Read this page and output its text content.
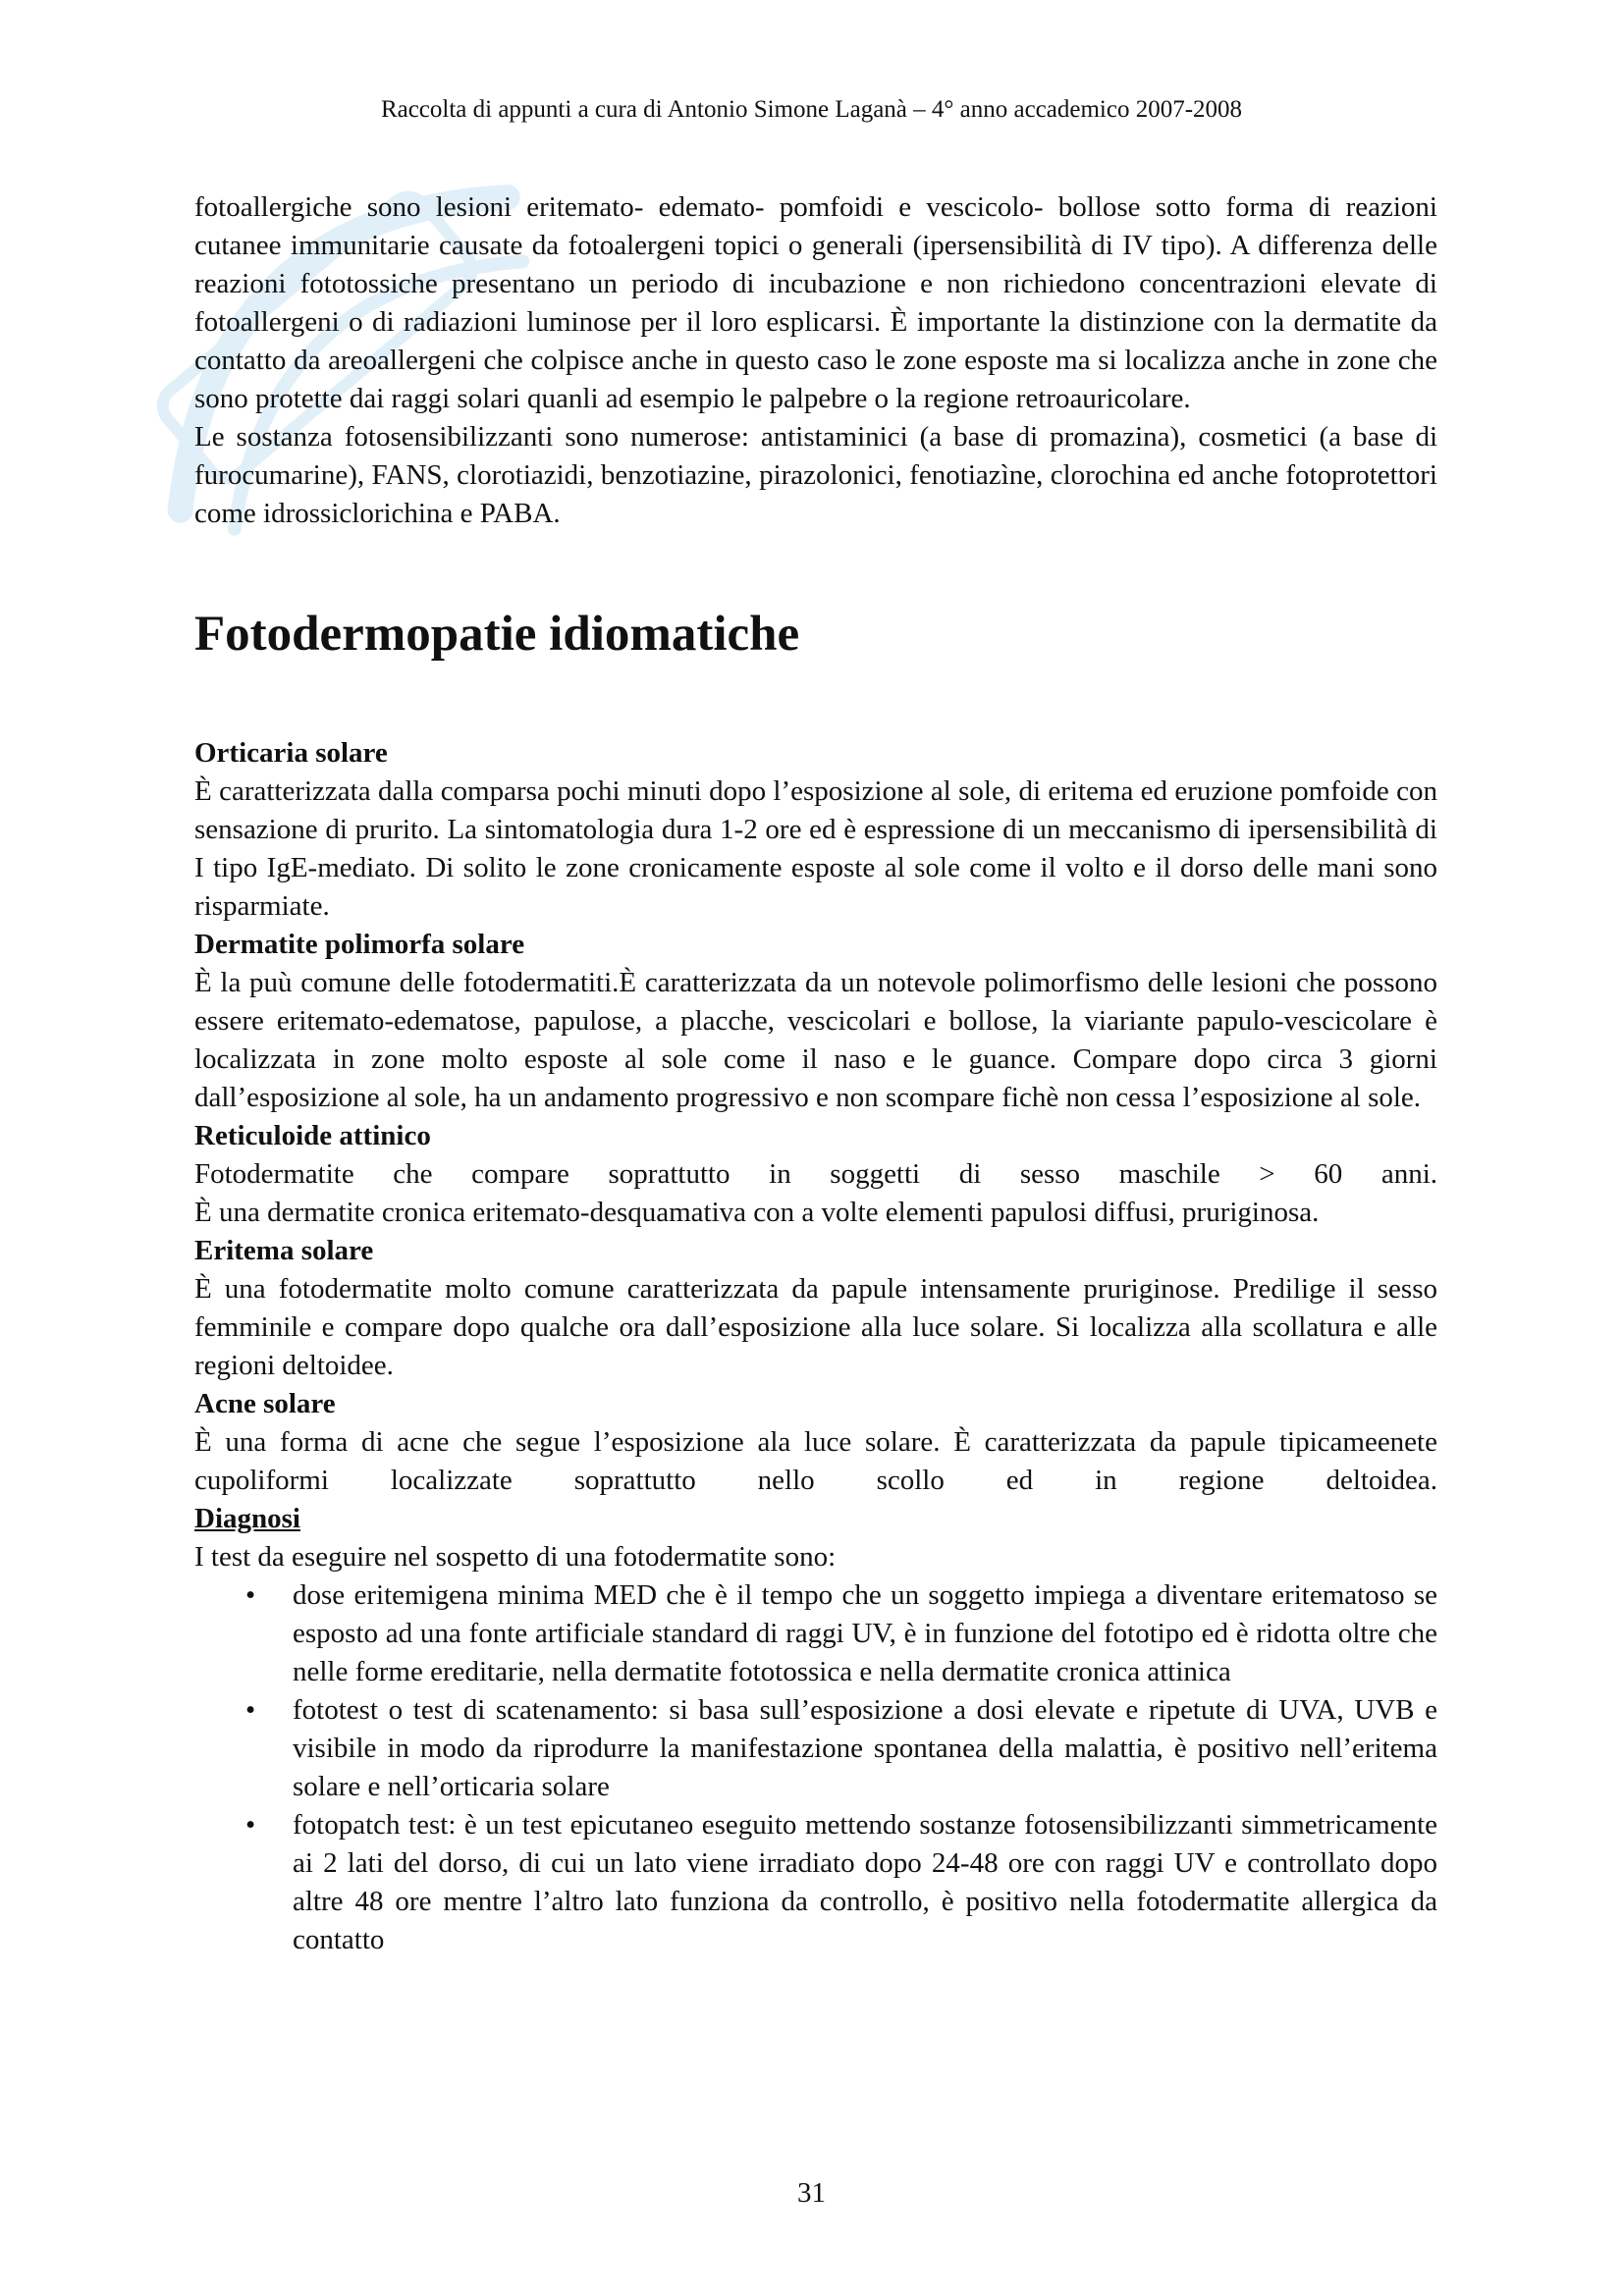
Raccolta di appunti a cura di Antonio Simone Laganà – 4° anno accademico 2007-2008

fotoallergiche sono lesioni eritemato- edemato- pomfoidi e vescicolo- bollose sotto forma di reazioni cutanee immunitarie causate da fotoalergeni topici o generali (ipersensibilità di IV tipo). A differenza delle reazioni fototossiche presentano un periodo di incubazione e non richiedono concentrazioni elevate di fotoallergeni o di radiazioni luminose per il loro esplicarsi. È importante la distinzione con la dermatite da contatto da areoallergeni che colpisce anche in questo caso le zone esposte ma si localizza anche in zone che sono protette dai raggi solari quanli ad esempio le palpebre o la regione retroauricolare.

Le sostanza fotosensibilizzanti sono numerose: antistaminici (a base di promazina), cosmetici (a base di furocumarine), FANS, clorotiazidi, benzotiazine, pirazolonici, fenotiazìne, clorochina ed anche fotoprotettori come idrossiclorichina e PABA.

Fotodermopatie idiomatiche
Orticaria solare

È caratterizzata dalla comparsa pochi minuti dopo l’esposizione al sole, di eritema ed eruzione pomfoide con sensazione di prurito. La sintomatologia dura 1-2 ore ed è espressione di un meccanismo di ipersensibilità di I tipo IgE-mediato. Di solito le zone cronicamente esposte al sole come il volto e il dorso delle mani sono risparmiate.

Dermatite polimorfa solare

È la puù comune delle fotodermatiti.È caratterizzata da un notevole polimorfismo delle lesioni che possono essere eritemato-edematose, papulose, a placche, vescicolari e bollose, la viariante papulo-vescicolare è localizzata in zone molto esposte al sole come il naso e le guance. Compare dopo circa 3 giorni dall’esposizione al sole, ha un andamento progressivo e non scompare fichè non cessa l’esposizione al sole.

Reticuloide attinico

Fotodermatite che compare soprattutto in soggetti di sesso maschile > 60 anni.

È una dermatite cronica eritemato-desquamativa con a volte elementi papulosi diffusi, pruriginosa.

Eritema solare

È una fotodermatite molto comune caratterizzata da papule intensamente pruriginose. Predilige il sesso femminile e compare dopo qualche ora dall’esposizione alla luce solare. Si localizza alla scollatura e alle regioni deltoidee.

Acne solare

È una forma di acne che segue l’esposizione ala luce solare. È caratterizzata da papule tipicameenete cupoliformi localizzate soprattutto nello scollo ed in regione deltoidea.

Diagnosi

I test da eseguire nel sospetto di una fotodermatite sono:

• dose eritemigena minima MED che è il tempo che un soggetto impiega a diventare eritematoso se esposto ad una fonte artificiale standard di raggi UV, è in funzione del fototipo ed è ridotta oltre che nelle forme ereditarie, nella dermatite fototossica e nella dermatite cronica attinica
• fototest o test di scatenamento: si basa sull’esposizione a dosi elevate e ripetute di UVA, UVB e visibile in modo da riprodurre la manifestazione spontanea della malattia, è positivo nell’eritema solare e nell’orticaria solare
• fotopatch test: è un test epicutaneo eseguito mettendo sostanze fotosensibilizzanti simmetricamente ai 2 lati del dorso, di cui un lato viene irradiato dopo 24-48 ore con raggi UV e controllato dopo altre 48 ore mentre l’altro lato funziona da controllo, è positivo nella fotodermatite allergica da contatto
31
